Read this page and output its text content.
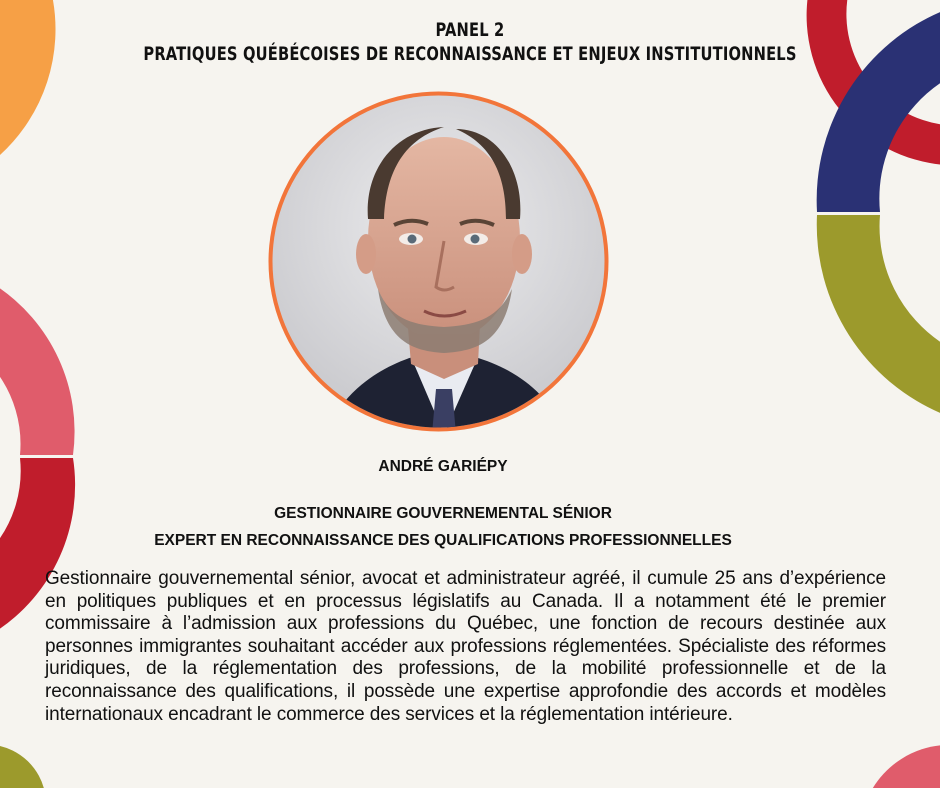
PANEL 2
PRATIQUES QUÉBÉCOISES DE RECONNAISSANCE ET ENJEUX INSTITUTIONNELS
ANDRÉ GARIÉPY
GESTIONNAIRE GOUVERNEMENTAL SÉNIOR
EXPERT EN RECONNAISSANCE DES QUALIFICATIONS PROFESSIONNELLES
Gestionnaire gouvernemental sénior, avocat et administrateur agréé, il cumule 25 ans d’expérience en politiques publiques et en processus législatifs au Canada. Il a notamment été le premier commissaire à l’admission aux professions du Québec, une fonction de recours destinée aux personnes immigrantes souhaitant accéder aux professions réglementées. Spécialiste des réformes juridiques, de la réglementation des professions, de la mobilité professionnelle et de la reconnaissance des qualifications, il possède une expertise approfondie des accords et modèles internationaux encadrant le commerce des services et la réglementation intérieure.
